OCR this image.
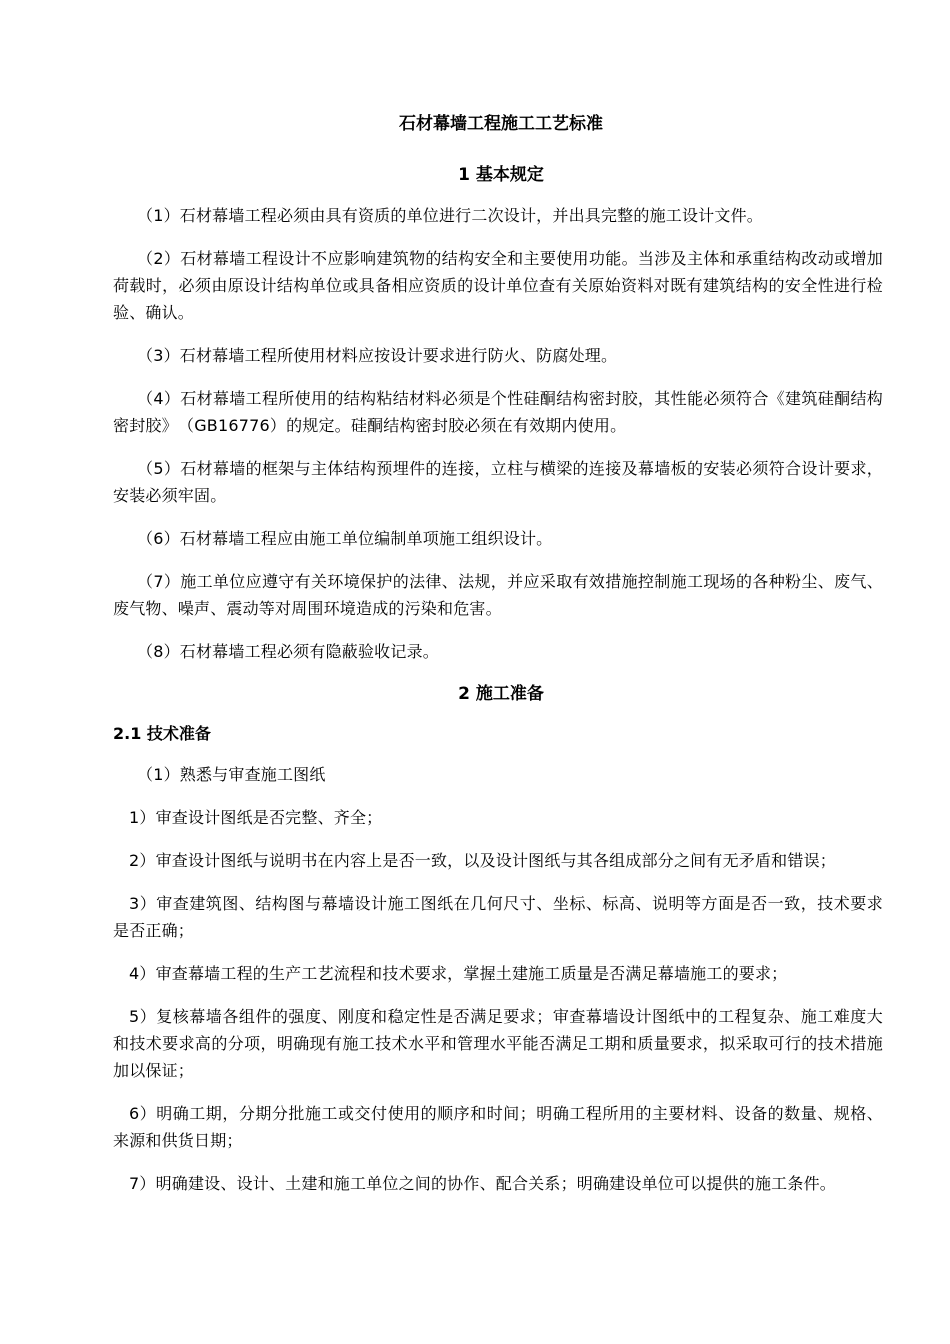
石材幕墙工程施工工艺标准
1 基本规定

（1）石材幕墙工程必须由具有资质的单位进行二次设计，并出具完整的施工设计文件。

（2）石材幕墙工程设计不应影响建筑物的结构安全和主要使用功能。当涉及主体和承重结构改动或增加荷载时，必须由原设计结构单位或具备相应资质的设计单位查有关原始资料对既有建筑结构的安全性进行检验、确认。

（3）石材幕墙工程所使用材料应按设计要求进行防火、防腐处理。

（4）石材幕墙工程所使用的结构粘结材料必须是个性硅酮结构密封胶，其性能必须符合《建筑硅酮结构密封胶》　（GB16776）的规定。硅酮结构密封胶必须在有效期内使用。

（5）石材幕墙的框架与主体结构预埋件的连接，立柱与横梁的连接及幕墙板的安装必须符合设计要求，安装必须牢固。

（6）石材幕墙工程应由施工单位编制单项施工组织设计。

（7）施工单位应遵守有关环境保护的法律、法规，并应采取有效措施控制施工现场的各种粉尘、废气、废气物、噪声、震动等对周围环境造成的污染和危害。

（8）石材幕墙工程必须有隐蔽验收记录。

2 施工准备
2.1 技术准备

（1）熟悉与审查施工图纸

1）审查设计图纸是否完整、齐全；

2）审查设计图纸与说明书在内容上是否一致，以及设计图纸与其各组成部分之间有无矛盾和错误；

3）审查建筑图、结构图与幕墙设计施工图纸在几何尺寸、坐标、标高、说明等方面是否一致，技术要求是否正确；

4）审查幕墙工程的生产工艺流程和技术要求，掌握土建施工质量是否满足幕墙施工的要求；

5）复核幕墙各组件的强度、刚度和稳定性是否满足要求；审查幕墙设计图纸中的工程复杂、施工难度大和技术要求高的分项，明确现有施工技术水平和管理水平能否满足工期和质量要求，拟采取可行的技术措施加以保证；

6）明确工期，分期分批施工或交付使用的顺序和时间；明确工程所用的主要材料、设备的数量、规格、来源和供货日期；

7）明确建设、设计、土建和施工单位之间的协作、配合关系；明确建设单位可以提供的施工条件。
